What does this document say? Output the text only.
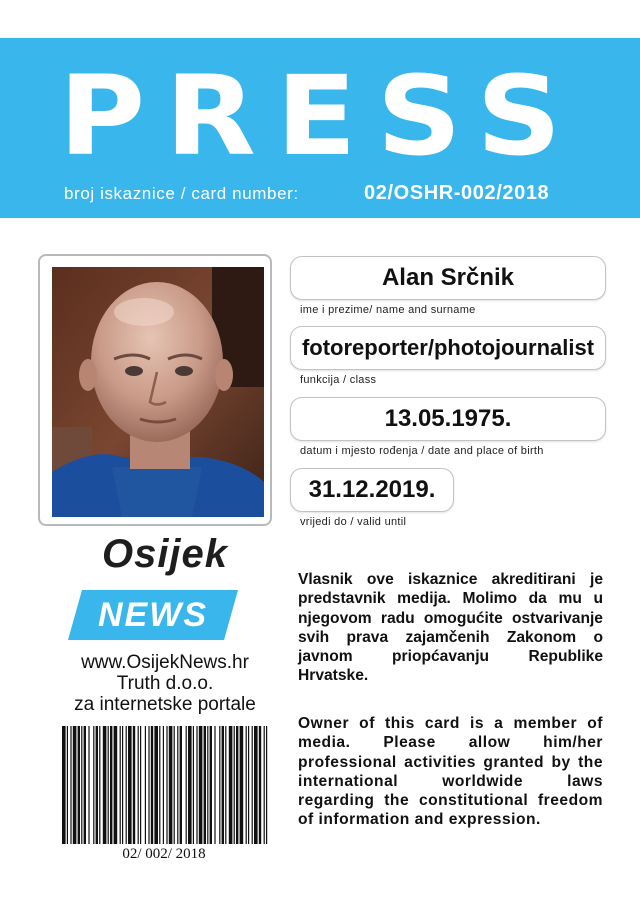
PRESS
broj iskaznice / card number:	02/OSHR-002/2018
Alan Srčnik
ime i prezime/ name and surname
fotoreporter/photojournalist
funkcija / class
13.05.1975.
datum i mjesto rođenja / date and place of birth
31.12.2019.
vrijedi do / valid until
Osijek
NEWS
www.OsijekNews.hr
Truth d.o.o.
za internetske portale
02/ 002/ 2018
Vlasnik ove iskaznice akreditirani je predstavnik medija. Molimo da mu u njegovom radu omogućite ostvarivanje svih prava zajamčenih Zakonom o javnom priopćavanju Republike Hrvatske.
Owner of this card is a member of media. Please allow him/her professional activities granted by the international worldwide laws regarding the constitutional freedom of information and expression.
